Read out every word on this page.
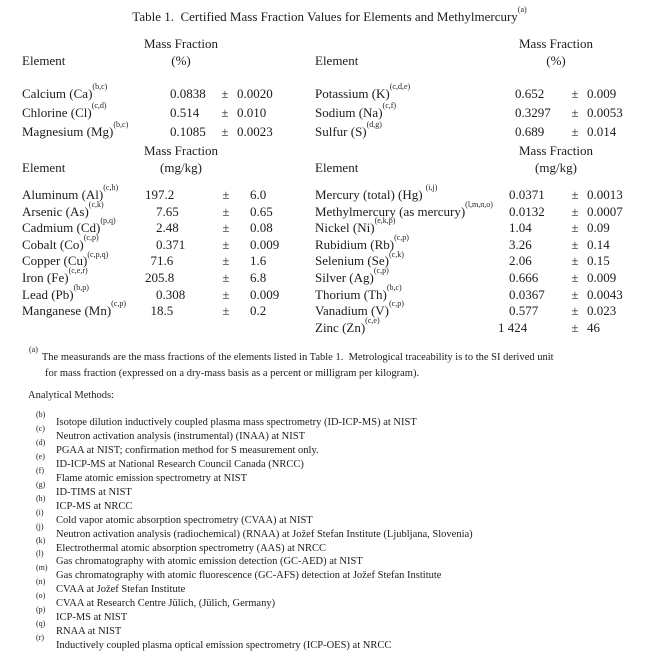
Table 1.  Certified Mass Fraction Values for Elements and Methylmercury$^{(a)}$
Element
Mass Fraction
(%)
Calcium $(Ca)^{(b,c)}$	0.0838	± 0.0020
Chlorine $(Cl)^{(c,d)}$	0.514	± 0.010
Magnesium $(Mg)^{(b,c)}$	0.1085	± 0.0023
Element
Mass Fraction
(%)
Potassium $(K)^{(c,d,e)}$	0.652	± 0.009
Sodium $(Na)^{(c,f)}$	0.3297	± 0.0053
Sulfur $(S)^{(d,g)}$	0.689	± 0.014
Element
Mass Fraction
(mg/kg)
Aluminum $(Al)^{(c,h)}$	197.2	±	6.0
Arsenic $(As)^{(c,k)}$	7.65	±	0.65
Cadmium $(Cd)^{(p,q)}$	2.48	±	0.08
Cobalt $(Co)^{(c,p)}$	0.371	±	0.009
Copper $(Cu)^{(c,p,q)}$	71.6	±	1.6
Iron $(Fe)^{(c,e,r)}$	205.8	±	6.8
Lead $(Pb)^{(b,p)}$	0.308	±	0.009
Manganese $(Mn)^{(c,p)}$	18.5	±	0.2
Element
Mass Fraction
(mg/kg)
Mercury (total) (Hg) $^{(i,j)}$	0.0371	± 0.0013
Methylmercury (as mercury)$^{(l,m,n,o)}$	0.0132	± 0.0007
Nickel $(Ni)^{(e,k,p)}$	1.04	± 0.09
Rubidium $(Rb)^{(c,p)}$	3.26	± 0.14
Selenium $(Se)^{(c,k)}$	2.06	± 0.15
Silver $(Ag)^{(c,p)}$	0.666	± 0.009
Thorium $(Th)^{(b,c)}$	0.0367	± 0.0043
Vanadium $(V)^{(c,p)}$	0.577	± 0.023
Zinc $(Zn)^{(c,e)}$	1 424	± 46
$^{(a)}$The measurands are the mass fractions of the elements listed in Table 1.  Metrological traceability is to the SI derived unit
for mass fraction (expressed on a dry-mass basis as a percent or milligram per kilogram).
Analytical Methods:
$^{(b)}$
Isotope dilution inductively coupled plasma mass spectrometry (ID-ICP-MS) at NIST
$^{(c)}$
Neutron activation analysis (instrumental) (INAA) at NIST
$^{(d)}$
PGAA at NIST; confirmation method for S measurement only.
$^{(e)}$
ID-ICP-MS at National Research Council Canada (NRCC)
$^{(f)}$
Flame atomic emission spectrometry at NIST
$^{(g)}$
ID-TIMS at NIST
$^{(h)}$
ICP-MS at NRCC
$^{(i)}$
Cold vapor atomic absorption spectrometry (CVAA) at NIST
$^{(j)}$
Neutron activation analysis (radiochemical) (RNAA) at Jožef Stefan Institute (Ljubljana, Slovenia)
$^{(k)}$
Electrothermal atomic absorption spectrometry (AAS) at NRCC
$^{(l)}$
Gas chromatography with atomic emission detection (GC-AED) at NIST
$^{(m)}$
Gas chromatography with atomic fluorescence (GC-AFS) detection at Jožef Stefan Institute
$^{(n)}$
CVAA at Jožef Stefan Institute
$^{(o)}$
CVAA at Research Centre Jülich, (Jülich, Germany)
$^{(p)}$
ICP-MS at NIST
$^{(q)}$
RNAA at NIST
$^{(r)}$
Inductively coupled plasma optical emission spectrometry (ICP-OES) at NRCC
